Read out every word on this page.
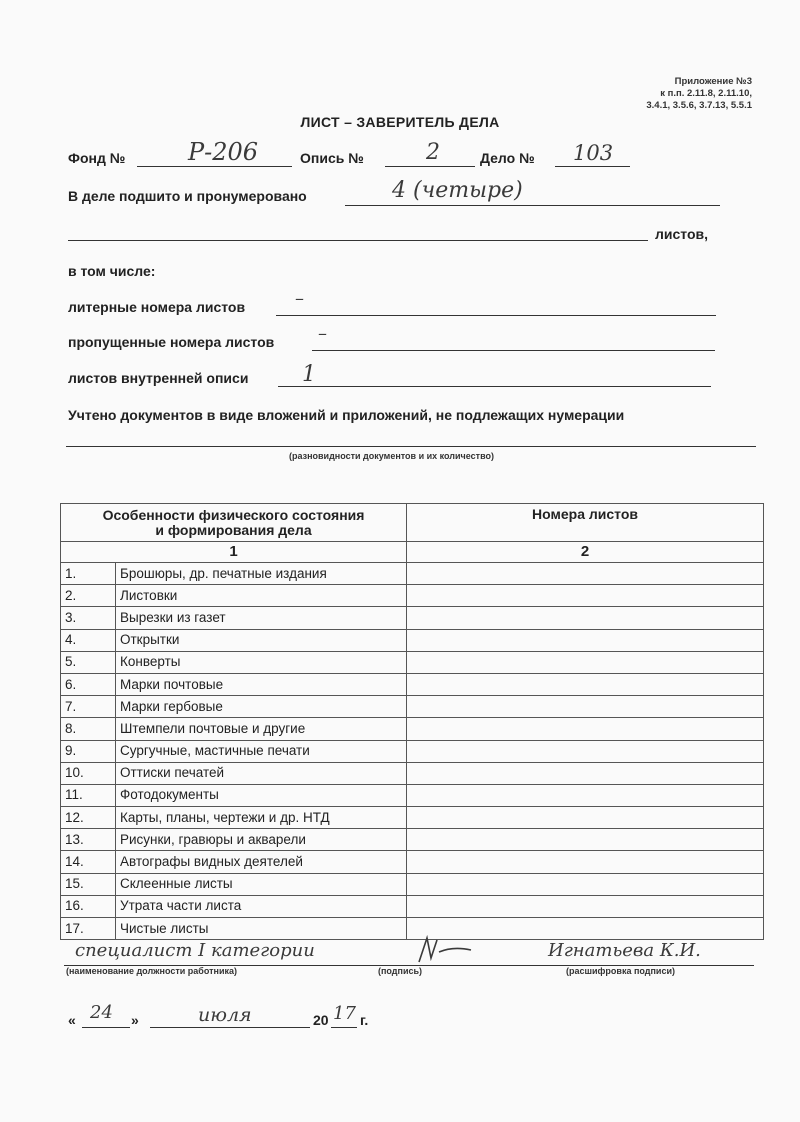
Приложение №3
к п.п. 2.11.8, 2.11.10,
3.4.1, 3.5.6, 3.7.13, 5.5.1
ЛИСТ – ЗАВЕРИТЕЛЬ ДЕЛА
Фонд №	Р-206	Опись №	2	Дело № 103
В деле подшито и пронумеровано	4 (четыре)
листов,
в том числе:
литерные номера листов	–
пропущенные номера листов –
листов внутренней описи 1
Учтено документов в виде вложений и приложений, не подлежащих нумерации
(разновидности документов и их количество)
Особенности физического состояния
и формирования дела		Номера листов
1		2
1.	Брошюры, др. печатные издания	
2.	Листовки	
3.	Вырезки из газет	
4.	Открытки	
5.	Конверты	
6.	Марки почтовые	
7.	Марки гербовые	
8.	Штемпели почтовые и другие	
9.	Сургучные, мастичные печати	
10.	Оттиски печатей	
11.	Фотодокументы	
12.	Карты, планы, чертежи и др. НТД	
13.	Рисунки, гравюры и акварели	
14.	Автографы видных деятелей	
15.	Склеенные листы	
16.	Утрата части листа	
17.	Чистые листы	
специалист I категории	Игнатьева К.И.
(наименование должности работника)	(подпись)	(расшифровка подписи)
« 24 »	июля	20 17 г.
